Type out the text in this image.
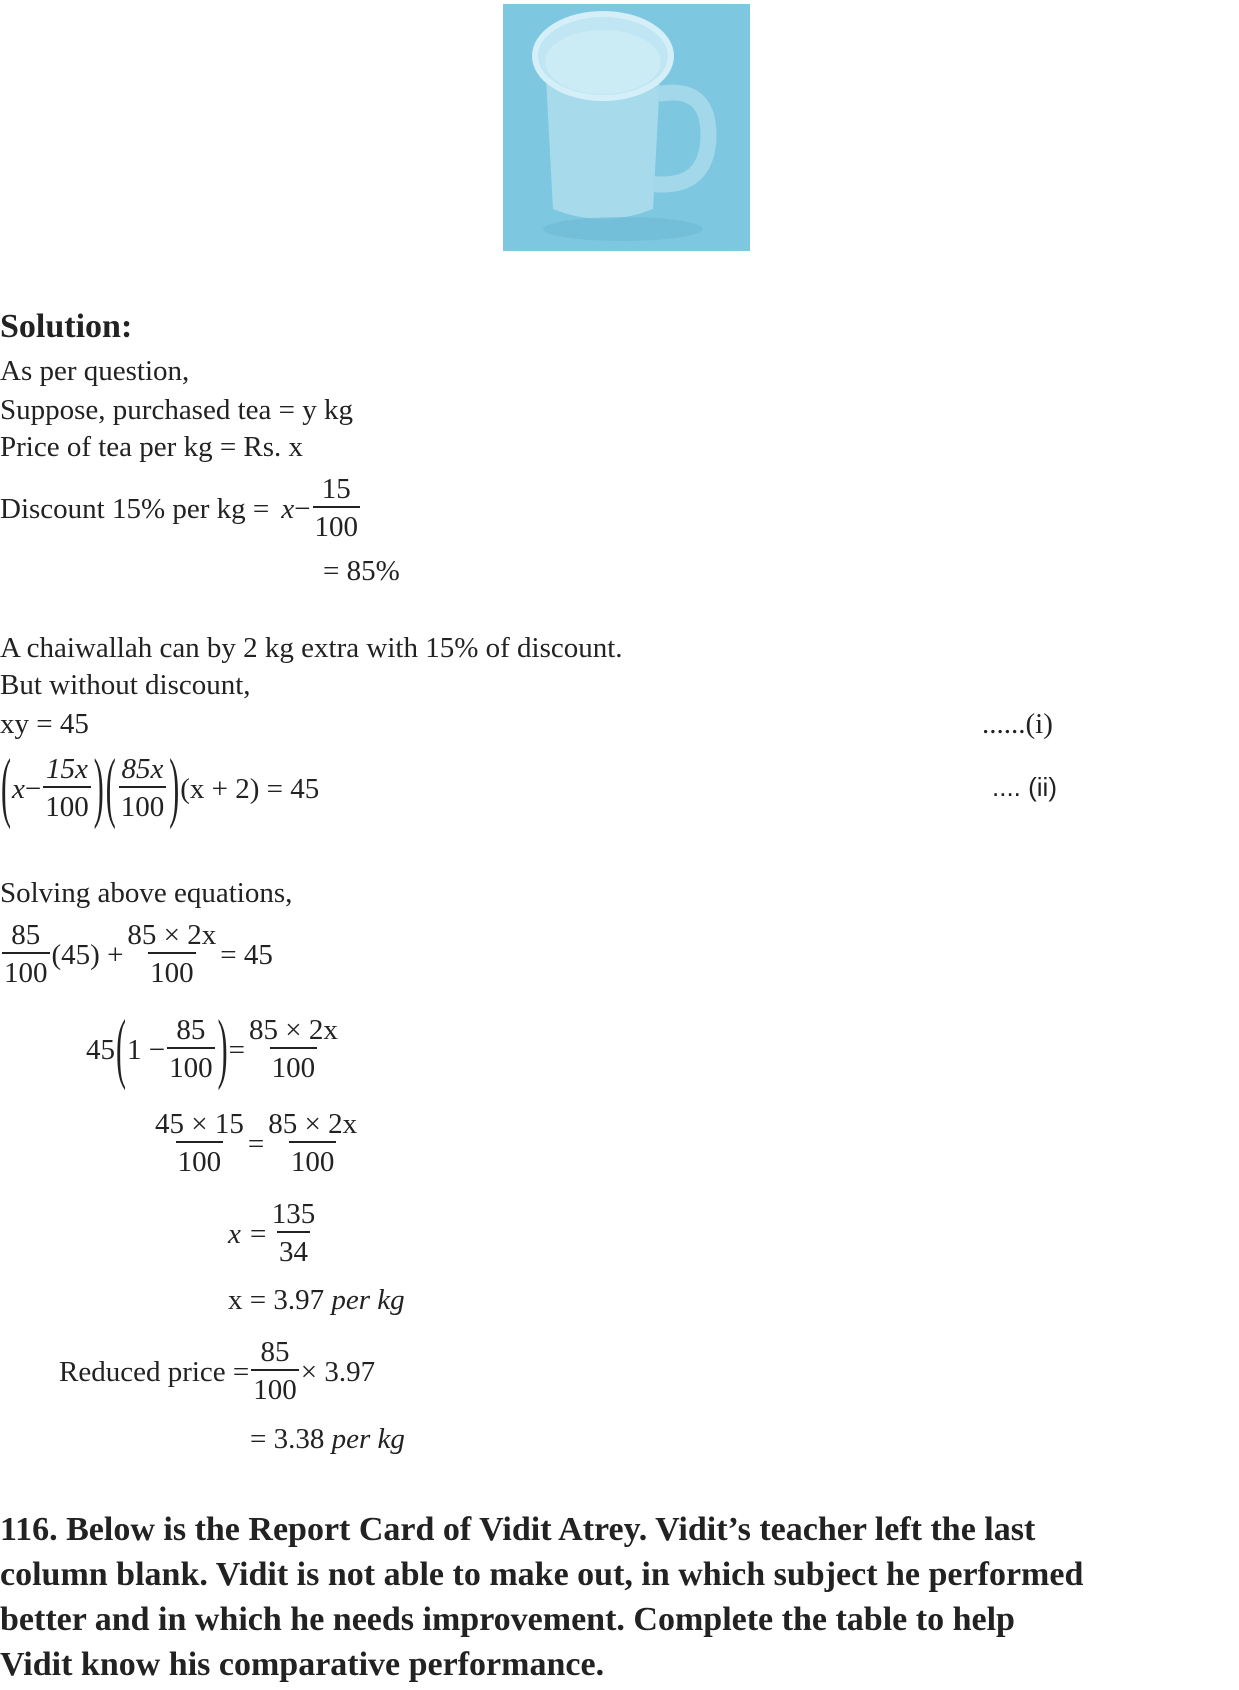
Solution:
As per question,
Suppose, purchased tea = y kg
Price of tea per kg = Rs. x
Discount 15% per kg = $x - \frac{15}{100}$
= 85%
A chaiwallah can by 2 kg extra with 15% of discount.
But without discount,
xy = 45	......(i)
( $x - \frac{15x}{100}$ ) ( $\frac{85x}{100}$ ) (x + 2) = 45	.... (ii)
Solving above equations,
$\frac{85}{100} (45) + \frac{85 \times 2x}{100} = 45$
45 ( $1 - \frac{85}{100}$ ) = $\frac{85 \times 2x}{100}$
$\frac{45 \times 15}{100} = \frac{85 \times 2x}{100}$
$x = \frac{135}{34}$
x = 3.97 per kg
Reduced price = $\frac{85}{100} \times 3.97$
= 3.38 per kg
116. Below is the Report Card of Vidit Atrey. Vidit’s teacher left the last
column blank. Vidit is not able to make out, in which subject he performed
better and in which he needs improvement. Complete the table to help
Vidit know his comparative performance.
